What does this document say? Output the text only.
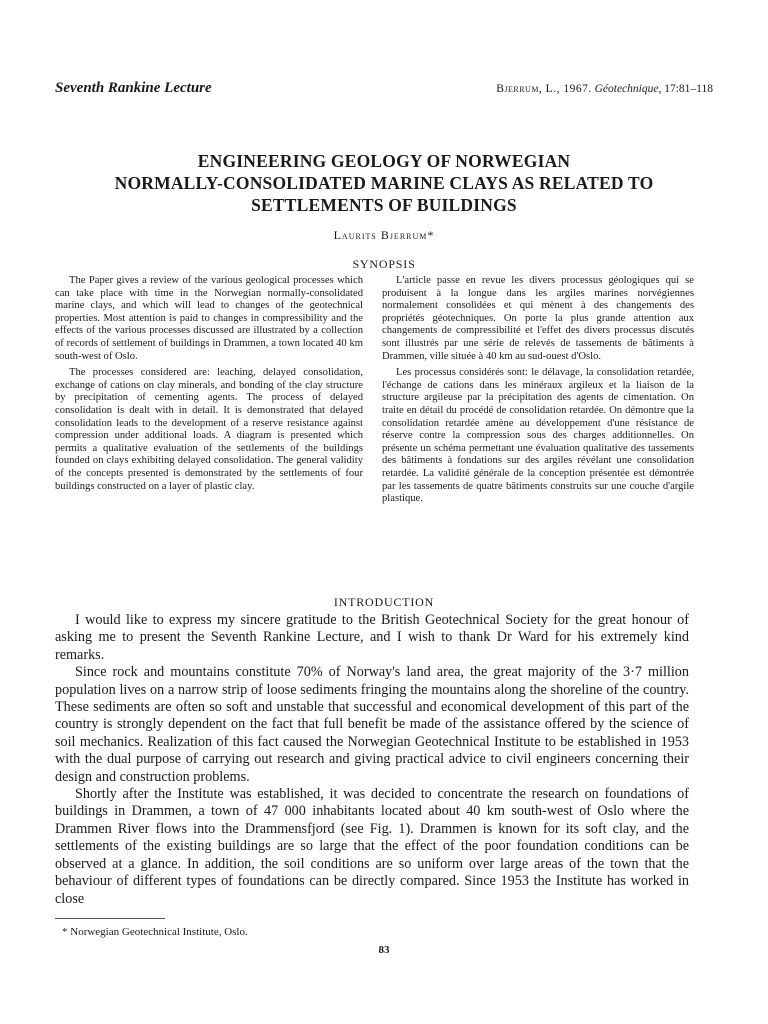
Seventh Rankine Lecture	Bjerrum, L., 1967. Géotechnique, 17:81–118
ENGINEERING GEOLOGY OF NORWEGIAN
NORMALLY-CONSOLIDATED MARINE CLAYS AS RELATED TO
SETTLEMENTS OF BUILDINGS
Laurits Bjerrum*
SYNOPSIS

The Paper gives a review of the various geological processes which can take place with time in the Norwegian normally-consolidated marine clays, and which will lead to changes of the geotechnical properties. Most attention is paid to changes in compressibility and the effects of the various processes discussed are illustrated by a collection of records of settlement of buildings in Drammen, a town located 40 km south-west of Oslo.

The processes considered are: leaching, delayed consolidation, exchange of cations on clay minerals, and bonding of the clay structure by precipitation of cementing agents. The process of delayed consolidation is dealt with in detail. It is demonstrated that delayed consolidation leads to the development of a reserve resistance against compression under additional loads. A diagram is presented which permits a qualitative evaluation of the settlements of the buildings founded on clays exhibiting delayed consolidation. The general validity of the concepts presented is demonstrated by the settlements of four buildings constructed on a layer of plastic clay.

L'article passe en revue les divers processus géologiques qui se produisent à la longue dans les argiles marines norvégiennes normalement consolidées et qui mènent à des changements des propriétés géotechniques. On porte la plus grande attention aux changements de compressibilité et l'effet des divers processus discutés sont illustrés par une série de relevés de tassements de bâtiments à Drammen, ville située à 40 km au sud-ouest d'Oslo.

Les processus considérés sont: le délavage, la consolidation retardée, l'échange de cations dans les minéraux argileux et la liaison de la structure argileuse par la précipitation des agents de cimentation. On traite en détail du procédé de consolidation retardée. On démontre que la consolidation retardée amène au développement d'une résistance de réserve contre la compression sous des charges additionnelles. On présente un schéma permettant une évaluation qualitative des tassements des bâtiments à fondations sur des argiles révélant une consolidation retardée. La validité générale de la conception présentée est démontrée par les tassements de quatre bâtiments construits sur une couche d'argile plastique.

INTRODUCTION

I would like to express my sincere gratitude to the British Geotechnical Society for the great honour of asking me to present the Seventh Rankine Lecture, and I wish to thank Dr Ward for his extremely kind remarks.

Since rock and mountains constitute 70% of Norway's land area, the great majority of the 3·7 million population lives on a narrow strip of loose sediments fringing the mountains along the shoreline of the country. These sediments are often so soft and unstable that successful and economical development of this part of the country is strongly dependent on the fact that full benefit be made of the assistance offered by the science of soil mechanics. Realization of this fact caused the Norwegian Geotechnical Institute to be established in 1953 with the dual purpose of carrying out research and giving practical advice to civil engineers concerning their design and construction problems.

Shortly after the Institute was established, it was decided to concentrate the research on foundations of buildings in Drammen, a town of 47 000 inhabitants located about 40 km south-west of Oslo where the Drammen River flows into the Drammensfjord (see Fig. 1). Drammen is known for its soft clay, and the settlements of the existing buildings are so large that the effect of the poor foundation conditions can be observed at a glance. In addition, the soil conditions are so uniform over large areas of the town that the behaviour of different types of foundations can be directly compared. Since 1953 the Institute has worked in close

* Norwegian Geotechnical Institute, Oslo.
83
